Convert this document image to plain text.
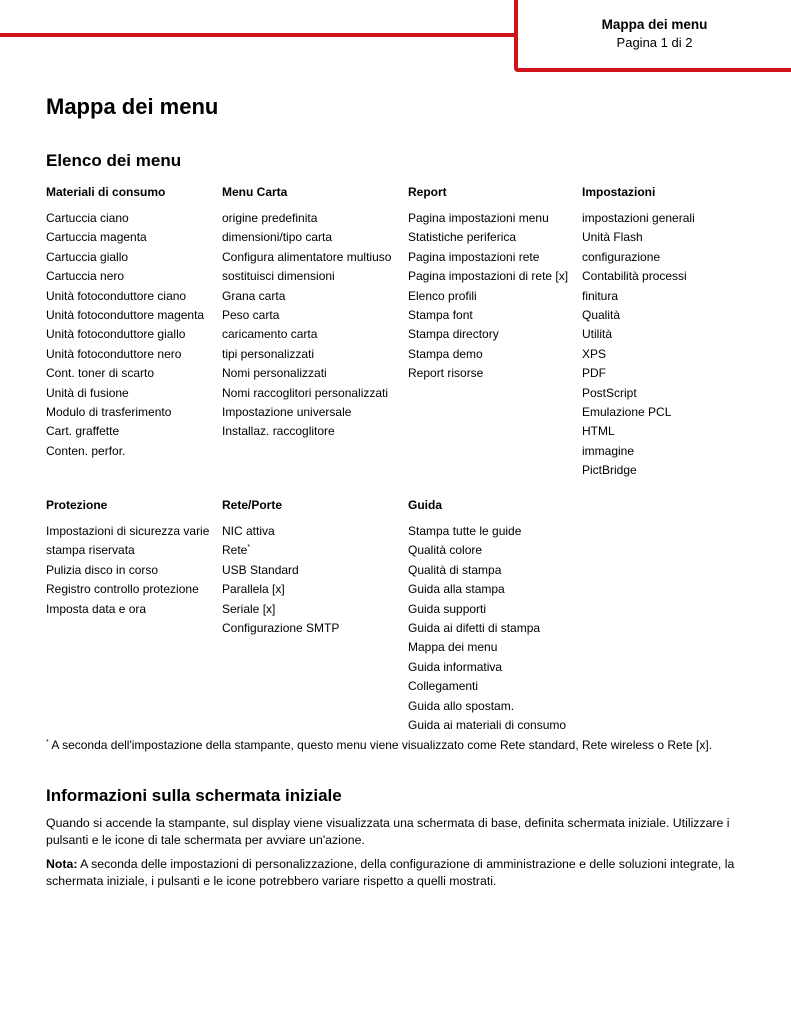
Mappa dei menu
Pagina 1 di 2
Mappa dei menu
Elenco dei menu
Materiali di consumo
Cartuccia ciano
Cartuccia magenta
Cartuccia giallo
Cartuccia nero
Unità fotoconduttore ciano
Unità fotoconduttore magenta
Unità fotoconduttore giallo
Unità fotoconduttore nero
Cont. toner di scarto
Unità di fusione
Modulo di trasferimento
Cart. graffette
Conten. perfor.
Menu Carta
origine predefinita
dimensioni/tipo carta
Configura alimentatore multiuso
sostituisci dimensioni
Grana carta
Peso carta
caricamento carta
tipi personalizzati
Nomi personalizzati
Nomi raccoglitori personalizzati
Impostazione universale
Installaz. raccoglitore
Report
Pagina impostazioni menu
Statistiche periferica
Pagina impostazioni rete
Pagina impostazioni di rete [x]
Elenco profili
Stampa font
Stampa directory
Stampa demo
Report risorse
Impostazioni
impostazioni generali
Unità Flash
configurazione
Contabilità processi
finitura
Qualità
Utilità
XPS
PDF
PostScript
Emulazione PCL
HTML
immagine
PictBridge
Protezione
Impostazioni di sicurezza varie
stampa riservata
Pulizia disco in corso
Registro controllo protezione
Imposta data e ora
Rete/Porte
NIC attiva
Rete*
USB Standard
Parallela [x]
Seriale [x]
Configurazione SMTP
Guida
Stampa tutte le guide
Qualità colore
Qualità di stampa
Guida alla stampa
Guida supporti
Guida ai difetti di stampa
Mappa dei menu
Guida informativa
Collegamenti
Guida allo spostam.
Guida ai materiali di consumo
* A seconda dell'impostazione della stampante, questo menu viene visualizzato come Rete standard, Rete wireless o Rete [x].
Informazioni sulla schermata iniziale
Quando si accende la stampante, sul display viene visualizzata una schermata di base, definita schermata iniziale. Utilizzare i pulsanti e le icone di tale schermata per avviare un'azione.
Nota: A seconda delle impostazioni di personalizzazione, della configurazione di amministrazione e delle soluzioni integrate, la schermata iniziale, i pulsanti e le icone potrebbero variare rispetto a quelli mostrati.
